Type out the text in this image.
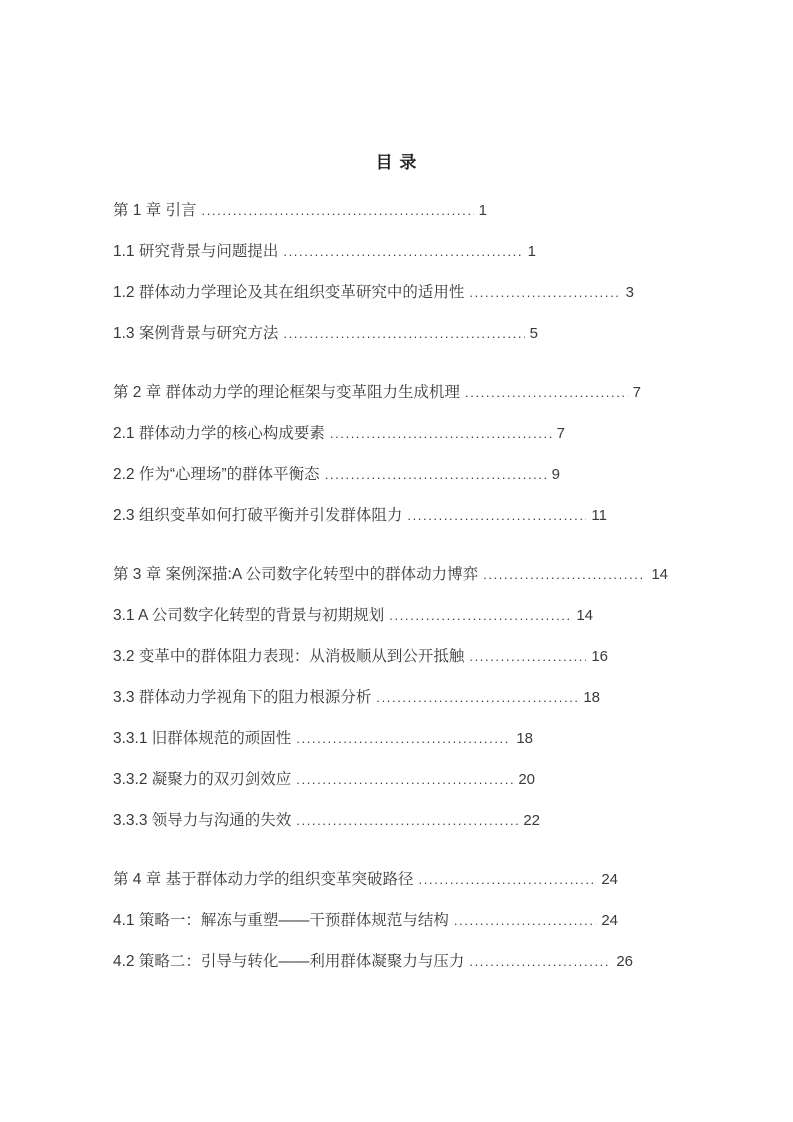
目 录
第 1 章 引言 .....	1
1.1 研究背景与问题提出 .....	1
1.2 群体动力学理论及其在组织变革研究中的适用性 .....	3
1.3 案例背景与研究方法 .....	5
第 2 章 群体动力学的理论框架与变革阻力生成机理 .....	7
2.1 群体动力学的核心构成要素 .....	7
2.2 作为“心理场”的群体平衡态 .....	9
2.3 组织变革如何打破平衡并引发群体阻力 .....	11
第 3 章 案例深描:A 公司数字化转型中的群体动力博弈 .....	14
3.1 A 公司数字化转型的背景与初期规划 .....	14
3.2 变革中的群体阻力表现：从消极顺从到公开抵触 .....	16
3.3 群体动力学视角下的阻力根源分析 .....	18
3.3.1 旧群体规范的顽固性 .....	18
3.3.2 凝聚力的双刃剑效应 .....	20
3.3.3 领导力与沟通的失效 .....	22
第 4 章 基于群体动力学的组织变革突破路径 .....	24
4.1 策略一：解冻与重塑——干预群体规范与结构 .....	24
4.2 策略二：引导与转化——利用群体凝聚力与压力 .....	26
